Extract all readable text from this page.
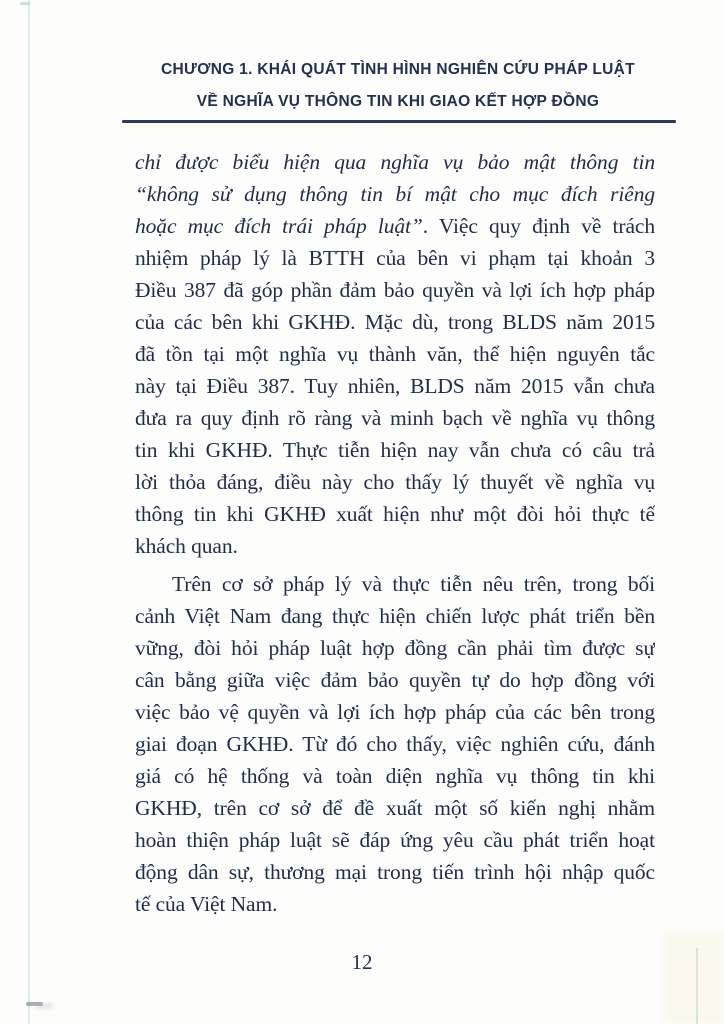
CHƯƠNG 1. KHÁI QUÁT TÌNH HÌNH NGHIÊN CỨU PHÁP LUẬT
VỀ NGHĨA VỤ THÔNG TIN KHI GIAO KẾT HỢP ĐỒNG
chỉ được biểu hiện qua nghĩa vụ bảo mật thông tin
“không sử dụng thông tin bí mật cho mục đích riêng
hoặc mục đích trái pháp luật”. Việc quy định về trách
nhiệm pháp lý là BTTH của bên vi phạm tại khoản 3
Điều 387 đã góp phần đảm bảo quyền và lợi ích hợp pháp
của các bên khi GKHĐ. Mặc dù, trong BLDS năm 2015
đã tồn tại một nghĩa vụ thành văn, thể hiện nguyên tắc
này tại Điều 387. Tuy nhiên, BLDS năm 2015 vẫn chưa
đưa ra quy định rõ ràng và minh bạch về nghĩa vụ thông
tin khi GKHĐ. Thực tiễn hiện nay vẫn chưa có câu trả
lời thỏa đáng, điều này cho thấy lý thuyết về nghĩa vụ
thông tin khi GKHĐ xuất hiện như một đòi hỏi thực tế
khách quan.
Trên cơ sở pháp lý và thực tiễn nêu trên, trong bối
cảnh Việt Nam đang thực hiện chiến lược phát triển bền
vững, đòi hỏi pháp luật hợp đồng cần phải tìm được sự
cân bằng giữa việc đảm bảo quyền tự do hợp đồng với
việc bảo vệ quyền và lợi ích hợp pháp của các bên trong
giai đoạn GKHĐ. Từ đó cho thấy, việc nghiên cứu, đánh
giá có hệ thống và toàn diện nghĩa vụ thông tin khi
GKHĐ, trên cơ sở để đề xuất một số kiến nghị nhằm
hoàn thiện pháp luật sẽ đáp ứng yêu cầu phát triển hoạt
động dân sự, thương mại trong tiến trình hội nhập quốc
tế của Việt Nam.
12
